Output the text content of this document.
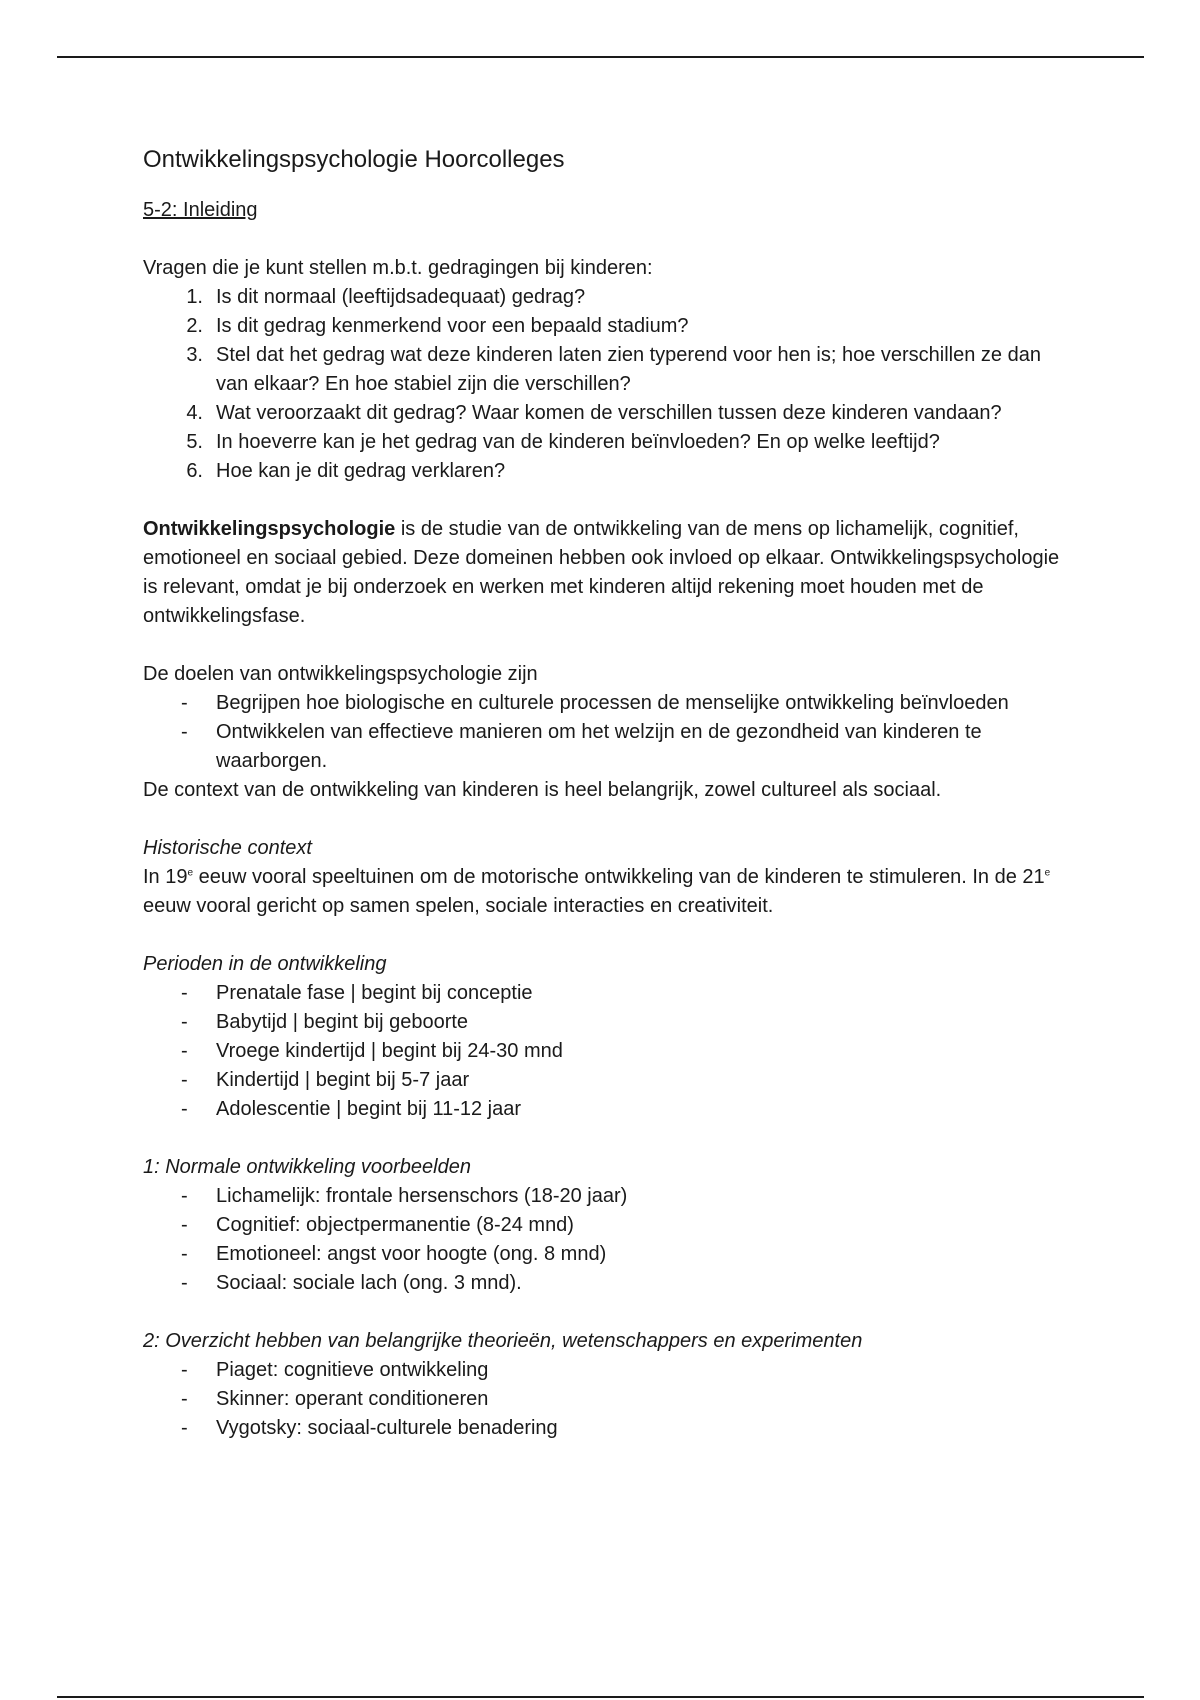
Ontwikkelingspsychologie Hoorcolleges

5-2: Inleiding

Vragen die je kunt stellen m.b.t. gedragingen bij kinderen:

1. Is dit normaal (leeftijdsadequaat) gedrag?
2. Is dit gedrag kenmerkend voor een bepaald stadium?
3. Stel dat het gedrag wat deze kinderen laten zien typerend voor hen is; hoe verschillen ze dan van elkaar? En hoe stabiel zijn die verschillen?
4. Wat veroorzaakt dit gedrag? Waar komen de verschillen tussen deze kinderen vandaan?
5. In hoeverre kan je het gedrag van de kinderen beïnvloeden? En op welke leeftijd?
6. Hoe kan je dit gedrag verklaren?

Ontwikkelingspsychologie is de studie van de ontwikkeling van de mens op lichamelijk, cognitief, emotioneel en sociaal gebied. Deze domeinen hebben ook invloed op elkaar. Ontwikkelingspsychologie is relevant, omdat je bij onderzoek en werken met kinderen altijd rekening moet houden met de ontwikkelingsfase.

De doelen van ontwikkelingspsychologie zijn

-	Begrijpen hoe biologische en culturele processen de menselijke ontwikkeling beïnvloeden
-	Ontwikkelen van effectieve manieren om het welzijn en de gezondheid van kinderen te waarborgen.

De context van de ontwikkeling van kinderen is heel belangrijk, zowel cultureel als sociaal.

Historische context

In 19e eeuw vooral speeltuinen om de motorische ontwikkeling van de kinderen te stimuleren. In de 21e eeuw vooral gericht op samen spelen, sociale interacties en creativiteit.

Perioden in de ontwikkeling

-	Prenatale fase | begint bij conceptie
-	Babytijd | begint bij geboorte
-	Vroege kindertijd | begint bij 24-30 mnd
-	Kindertijd | begint bij 5-7 jaar
-	Adolescentie | begint bij 11-12 jaar

1: Normale ontwikkeling voorbeelden

-	Lichamelijk: frontale hersenschors (18-20 jaar)
-	Cognitief: objectpermanentie (8-24 mnd)
-	Emotioneel: angst voor hoogte (ong. 8 mnd)
-	Sociaal: sociale lach (ong. 3 mnd).

2: Overzicht hebben van belangrijke theorieën, wetenschappers en experimenten

-	Piaget: cognitieve ontwikkeling
-	Skinner: operant conditioneren
-	Vygotsky: sociaal-culturele benadering
